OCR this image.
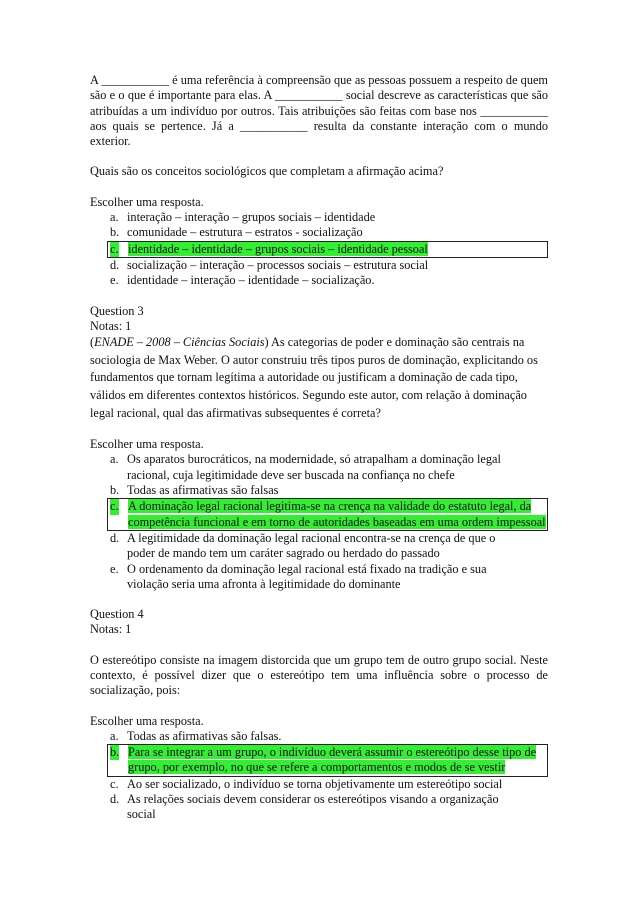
A ___________ é uma referência à compreensão que as pessoas possuem a respeito de quem são e o que é importante para elas. A ___________ social descreve as características que são atribuídas a um indivíduo por outros. Tais atribuições são feitas com base nos ___________ aos quais se pertence. Já a ___________ resulta da constante interação com o mundo exterior.

Quais são os conceitos sociológicos que completam a afirmação acima?

Escolher uma resposta.

a. interação – interação – grupos sociais – identidade
b. comunidade – estrutura – estratos - socialização
c. identidade – identidade – grupos sociais – identidade pessoal
d. socialização – interação – processos sociais – estrutura social
e. identidade – interação – identidade – socialização.

Question 3

Notas: 1

(ENADE – 2008 – Ciências Sociais) As categorias de poder e dominação são centrais na sociologia de Max Weber. O autor construiu três tipos puros de dominação, explicitando os fundamentos que tornam legítima a autoridade ou justificam a dominação de cada tipo, válidos em diferentes contextos históricos. Segundo este autor, com relação à dominação legal racional, qual das afirmativas subsequentes é correta?

Escolher uma resposta.

a. Os aparatos burocráticos, na modernidade, só atrapalham a dominação legal racional, cuja legitimidade deve ser buscada na confiança no chefe
b. Todas as afirmativas são falsas
c. A dominação legal racional legitima-se na crença na validade do estatuto legal, da competência funcional e em torno de autoridades baseadas em uma ordem impessoal
d. A legitimidade da dominação legal racional encontra-se na crença de que o poder de mando tem um caráter sagrado ou herdado do passado
e. O ordenamento da dominação legal racional está fixado na tradição e sua violação seria uma afronta à legitimidade do dominante

Question 4

Notas: 1

O estereótipo consiste na imagem distorcida que um grupo tem de outro grupo social. Neste contexto, é possível dizer que o estereótipo tem uma influência sobre o processo de socialização, pois:

Escolher uma resposta.

a. Todas as afirmativas são falsas.
b. Para se integrar a um grupo, o indivíduo deverá assumir o estereótipo desse tipo de grupo, por exemplo, no que se refere a comportamentos e modos de se vestir
c. Ao ser socializado, o indivíduo se torna objetivamente um estereótipo social
d. As relações sociais devem considerar os estereótipos visando a organização social
